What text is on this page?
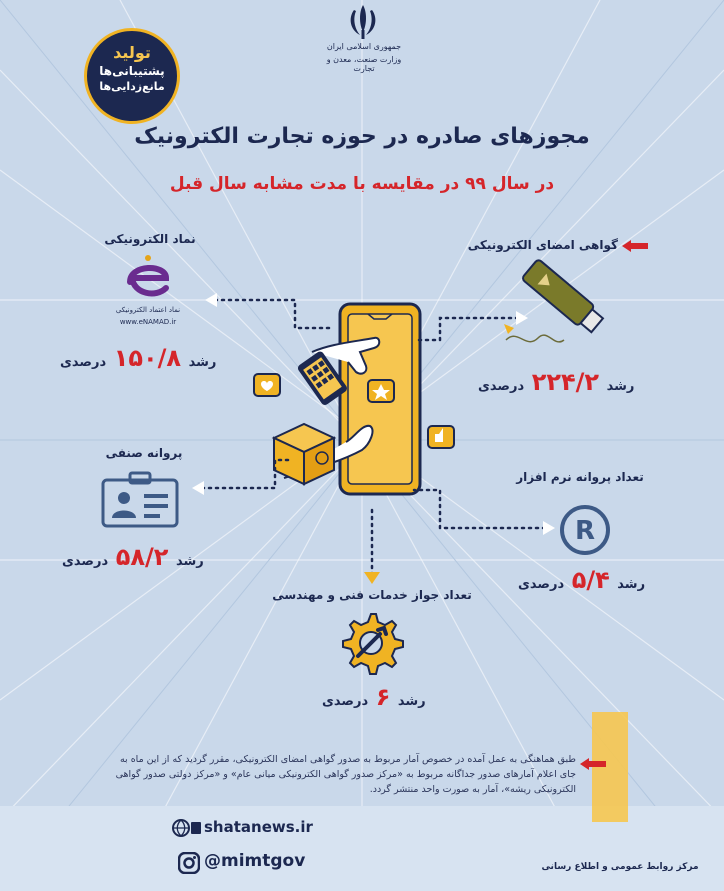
جمهوری اسلامی ایران
وزارت صنعت، معدن و تجارت
تولید
پشتیبانی‌ها
مانع‌زدایی‌ها
مجوزهای صادره در حوزه تجارت الکترونیک
در سال ۹۹ در مقایسه با مدت مشابه سال قبل
نماد الکترونیکی
نماد اعتماد الکترونیکی
www.eNAMAD.ir
رشد ۱۵۰/۸ درصدی
گواهی امضای الکترونیکی
رشد ۲۲۴/۲ درصدی
پروانه صنفی
رشد ۵۸/۲ درصدی
تعداد پروانه نرم افزار
R
رشد ۵/۴ درصدی
تعداد جواز خدمات فنی و مهندسی
رشد ۶ درصدی
طبق هماهنگی به عمل آمده در خصوص آمار مربوط به صدور گواهی امضای الکترونیکی، مقرر گردید که از این ماه به
جای اعلام آمارهای صدور جداگانه مربوط به «مرکز صدور گواهی الکترونیکی میانی عام» و «مرکز دولتی صدور گواهی
الکترونیکی ریشه»، آمار به صورت واحد منتشر گردد.
shatanews.ir
@mimtgov	مرکز روابط عمومی و اطلاع رسانی
